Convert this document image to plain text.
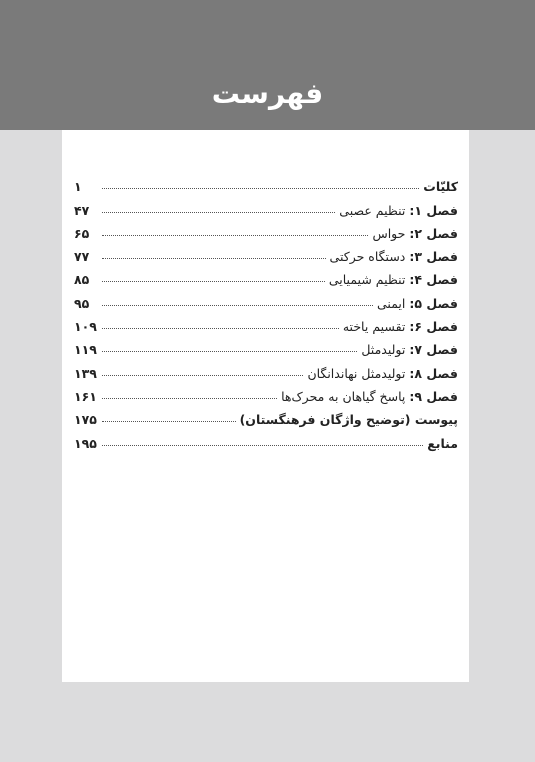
فهرست
کلیّات
۱
فصل ۱: تنظیم عصبی
۴۷
فصل ۲: حواس
۶۵
فصل ۳: دستگاه حرکتی
۷۷
فصل ۴: تنظیم شیمیایی
۸۵
فصل ۵: ایمنی
۹۵
فصل ۶: تقسیم یاخته
۱۰۹
فصل ۷: تولیدمثل
۱۱۹
فصل ۸: تولیدمثل نهاندانگان
۱۳۹
فصل ۹: پاسخ گیاهان به محرک‌ها
۱۶۱
پیوست (توضیح واژگان فرهنگستان)
۱۷۵
منابع
۱۹۵
